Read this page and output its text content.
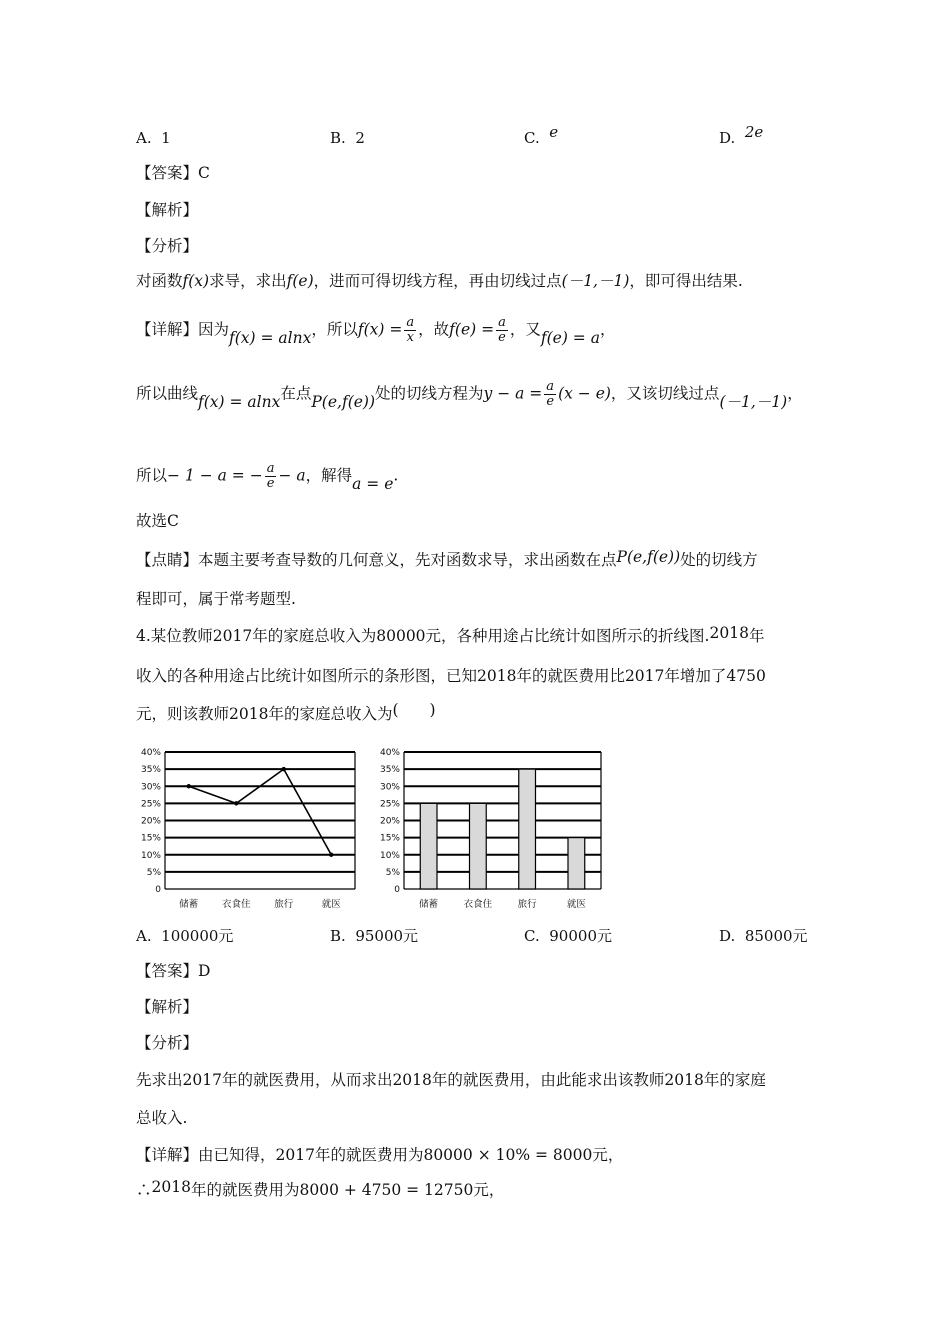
A. 1	B. 2	C. e	D. 2e
【答案】C
【解析】
【分析】
对函数f(x)求导，求出f(e)，进而可得切线方程，再由切线过点(－1,－1)，即可得出结果.
【详解】因为f(x) = alnx，所以$f(x) = \frac{a}{x}$ ，故$f(e) = \frac{a}{e}$ ，又f(e) = a，
所以曲线f(x) = alnx在点P(e,f(e))处的切线方程为$y - a = \frac{a}{e} (x - e)$，又该切线过点(－1,－1)，
所以− 1 − a = − $\frac{a}{e} - a$，解得a = e.
故选C
【点睛】本题主要考查导数的几何意义，先对函数求导，求出函数在点P(e,f(e))处的切线方
程即可，属于常考题型.
4.某位教师2017年的家庭总收入为80000元，各种用途占比统计如图所示的折线图.2018年
收入的各种用途占比统计如图所示的条形图，已知2018年的就医费用比2017年增加了4750
元，则该教师2018年的家庭总收入为(　　)
0
5%
10%
15%
20%
25%
30%
35%
40%
储蓄 衣食住 旅行	就医
0
5%
10%
15%
20%
25%
30%
35%
40%
储蓄	衣食住	旅行	就医
A. 100000元	B. 95000元	C. 90000元	D. 85000元
【答案】D
【解析】
【分析】
先求出2017年的就医费用，从而求出2018年的就医费用，由此能求出该教师2018年的家庭
总收入.
【详解】由已知得，2017年的就医费用为80000 × 10% = 8000元，
∴2018年的就医费用为8000 + 4750 = 12750元，
